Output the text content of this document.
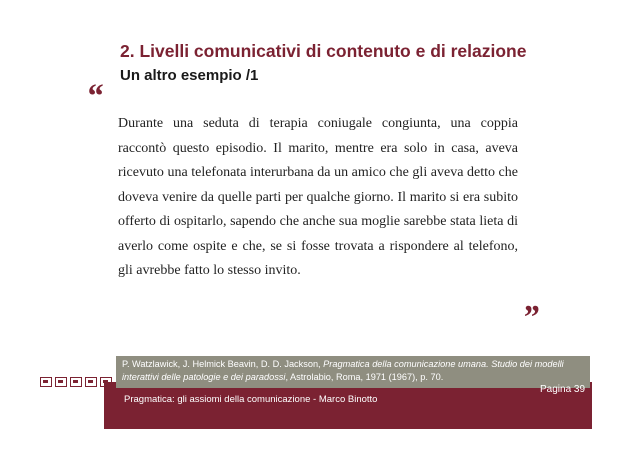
2. Livelli comunicativi di contenuto e di relazione
Un altro esempio /1
“

Durante una seduta di terapia coniugale congiunta, una coppia raccontò questo episodio. Il marito, mentre era solo in casa, aveva ricevuto una telefonata interurbana da un amico che gli aveva detto che doveva venire da quelle parti per qualche giorno. Il marito si era subito offerto di ospitarlo, sapendo che anche sua moglie sarebbe stata lieta di averlo come ospite e che, se si fosse trovata a rispondere al telefono, gli avrebbe fatto lo stesso invito.

”
P. Watzlawick, J. Helmick Beavin, D. D. Jackson, Pragmatica della comunicazione umana. Studio dei modelli interattivi delle patologie e dei paradossi, Astrolabio, Roma, 1971 (1967), p. 70.
Pragmatica: gli assiomi della comunicazione - Marco Binotto
Pagina 39
